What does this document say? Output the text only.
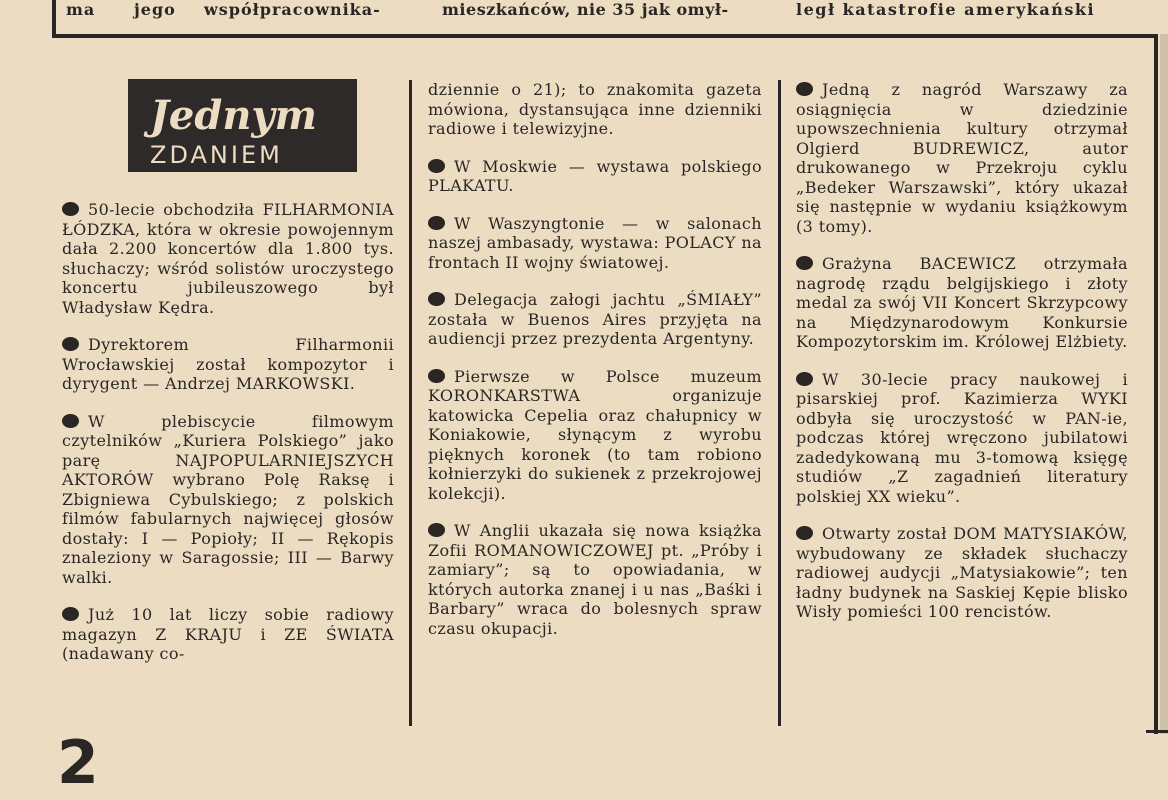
ma jego współpracownika-	mieszkańców, nie 35 jak omył-	legł katastrofie amerykański
Jednym
ZDANIEM

50-lecie obchodziła FILHARMONIA ŁÓDZKA, która w okresie powojennym dała 2.200 koncertów dla 1.800 tys. słuchaczy; wśród solistów uroczystego koncertu jubileuszowego był Władysław Kędra.

Dyrektorem Filharmonii Wrocławskiej został kompozytor i dyrygent — Andrzej MARKOWSKI.

W plebiscycie filmowym czytelników „Kuriera Polskiego” jako parę NAJPOPULARNIEJSZYCH AKTORÓW wybrano Polę Raksę i Zbigniewa Cybulskiego; z polskich filmów fabularnych najwięcej głosów dostały: I — Popioły; II — Rękopis znaleziony w Saragossie; III — Barwy walki.

Już 10 lat liczy sobie radiowy magazyn Z KRAJU i ZE ŚWIATA (nadawany co-

dziennie o 21); to znakomita gazeta mówiona, dystansująca inne dzienniki radiowe i telewizyjne.

W Moskwie — wystawa polskiego PLAKATU.

W Waszyngtonie — w salonach naszej ambasady, wystawa: POLACY na frontach II wojny światowej.

Delegacja załogi jachtu „ŚMIAŁY” została w Buenos Aires przyjęta na audiencji przez prezydenta Argentyny.

Pierwsze w Polsce muzeum KORONKARSTWA organizuje katowicka Cepelia oraz chałupnicy w Koniakowie, słynącym z wyrobu pięknych koronek (to tam robiono kołnierzyki do sukienek z przekrojowej kolekcji).

W Anglii ukazała się nowa książka Zofii ROMANOWICZOWEJ pt. „Próby i zamiary”; są to opowiadania, w których autorka znanej i u nas „Baśki i Barbary” wraca do bolesnych spraw czasu okupacji.

Jedną z nagród Warszawy za osiągnięcia w dziedzinie upowszechnienia kultury otrzymał Olgierd BUDREWICZ, autor drukowanego w Przekroju cyklu „Bedeker Warszawski”, który ukazał się następnie w wydaniu książkowym (3 tomy).

Grażyna BACEWICZ otrzymała nagrodę rządu belgijskiego i złoty medal za swój VII Koncert Skrzypcowy na Międzynarodowym Konkursie Kompozytorskim im. Królowej Elżbiety.

W 30-lecie pracy naukowej i pisarskiej prof. Kazimierza WYKI odbyła się uroczystość w PAN-ie, podczas której wręczono jubilatowi zadedykowaną mu 3-tomową księgę studiów „Z zagadnień literatury polskiej XX wieku”.

Otwarty został DOM MATYSIAKÓW, wybudowany ze składek słuchaczy radiowej audycji „Matysiakowie”; ten ładny budynek na Saskiej Kępie blisko Wisły pomieści 100 rencistów.

2
